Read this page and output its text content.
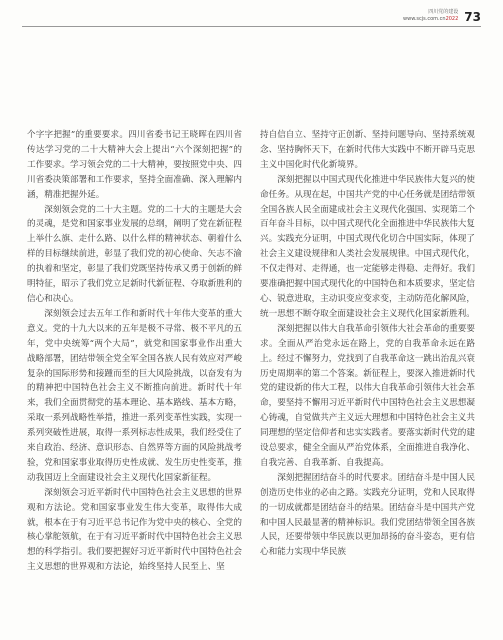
四川党的建设
www.scjs.com.cn2022 73

个字字把握”的重要要求。四川省委书记王晓晖在四川省传达学习党的二十大精神大会上提出“六个深刻把握”的工作要求。学习领会党的二十大精神，要按照党中央、四川省委决策部署和工作要求，坚持全面准确、深入理解内涵，精准把握外延。

深刻领会党的二十大主题。党的二十大的主题是大会的灵魂，是党和国家事业发展的总纲，阐明了党在新征程上举什么旗、走什么路、以什么样的精神状态、朝着什么样的目标继续前进，彰显了我们党的初心使命、矢志不渝的执着和坚定，彰显了我们党既坚持传承又勇于创新的鲜明特征，昭示了我们党立足新时代新征程、夺取新胜利的信心和决心。

深刻领会过去五年工作和新时代十年伟大变革的重大意义。党的十九大以来的五年是极不寻常、极不平凡的五年，党中央统筹“两个大局”，就党和国家事业作出重大战略部署，团结带领全党全军全国各族人民有效应对严峻复杂的国际形势和接踵而至的巨大风险挑战，以奋发有为的精神把中国特色社会主义不断推向前进。新时代十年来，我们全面贯彻党的基本理论、基本路线、基本方略，采取一系列战略性举措，推进一系列变革性实践，实现一系列突破性进展，取得一系列标志性成果，我们经受住了来自政治、经济、意识形态、自然界等方面的风险挑战考验，党和国家事业取得历史性成就、发生历史性变革，推动我国迈上全面建设社会主义现代化国家新征程。

深刻领会习近平新时代中国特色社会主义思想的世界观和方法论。党和国家事业发生伟大变革，取得伟大成就，根本在于有习近平总书记作为党中央的核心、全党的核心掌舵领航，在于有习近平新时代中国特色社会主义思想的科学指引。我们要把握好习近平新时代中国特色社会主义思想的世界观和方法论，始终坚持人民至上、坚

持自信自立、坚持守正创新、坚持问题导向、坚持系统观念、坚持胸怀天下，在新时代伟大实践中不断开辟马克思主义中国化时代化新境界。

深刻把握以中国式现代化推进中华民族伟大复兴的使命任务。从现在起，中国共产党的中心任务就是团结带领全国各族人民全面建成社会主义现代化强国、实现第二个百年奋斗目标，以中国式现代化全面推进中华民族伟大复兴。实践充分证明，中国式现代化切合中国实际，体现了社会主义建设规律和人类社会发展规律。中国式现代化，不仅走得对、走得通，也一定能够走得稳、走得好。我们要准确把握中国式现代化的中国特色和本质要求，坚定信心、锐意进取，主动识变应变求变，主动防范化解风险，统一思想不断夺取全面建设社会主义现代化国家新胜利。

深刻把握以伟大自我革命引领伟大社会革命的重要要求。全面从严治党永远在路上，党的自我革命永远在路上。经过不懈努力，党找到了自我革命这一跳出治乱兴衰历史周期率的第二个答案。新征程上，要深入推进新时代党的建设新的伟大工程，以伟大自我革命引领伟大社会革命，要坚持不懈用习近平新时代中国特色社会主义思想凝心铸魂，自觉做共产主义远大理想和中国特色社会主义共同理想的坚定信仰者和忠实实践者。要落实新时代党的建设总要求，健全全面从严治党体系，全面推进自我净化、自我完善、自我革新、自我提高。

深刻把握团结奋斗的时代要求。团结奋斗是中国人民创造历史伟业的必由之路。实践充分证明，党和人民取得的一切成就都是团结奋斗的结果。团结奋斗是中国共产党和中国人民最显著的精神标识。我们党团结带领全国各族人民，还要带领中华民族以更加昂扬的奋斗姿态，更有信心和能力实现中华民族
